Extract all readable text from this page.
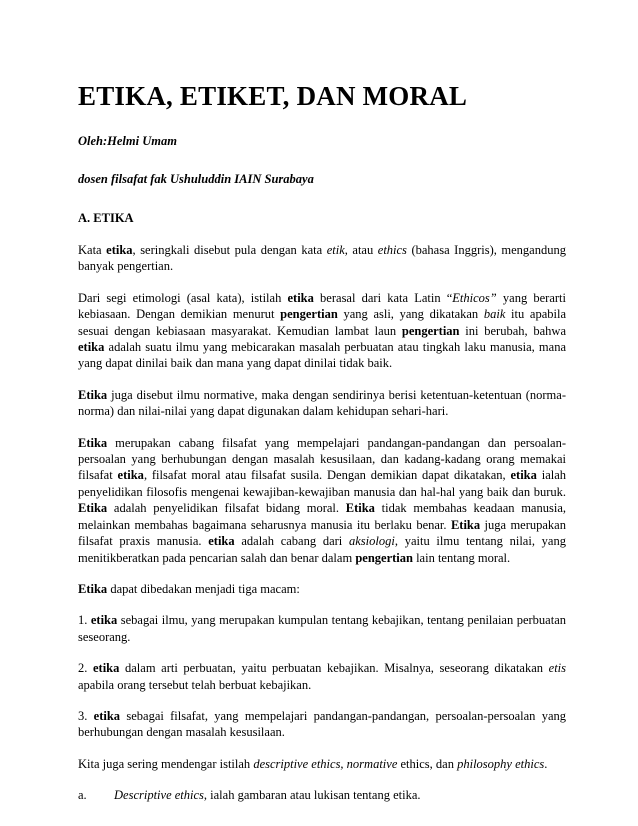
ETIKA, ETIKET, DAN MORAL
Oleh:Helmi Umam
dosen filsafat fak Ushuluddin IAIN Surabaya
A. ETIKA

Kata etika, seringkali disebut pula dengan kata etik, atau ethics (bahasa Inggris), mengandung banyak pengertian.

Dari segi etimologi (asal kata), istilah etika berasal dari kata Latin “Ethicos” yang berarti kebiasaan. Dengan demikian menurut pengertian yang asli, yang dikatakan baik itu apabila sesuai dengan kebiasaan masyarakat. Kemudian lambat laun pengertian ini berubah, bahwa etika adalah suatu ilmu yang mebicarakan masalah perbuatan atau tingkah laku manusia, mana yang dapat dinilai baik dan mana yang dapat dinilai tidak baik.

Etika juga disebut ilmu normative, maka dengan sendirinya berisi ketentuan-ketentuan (norma-norma) dan nilai-nilai yang dapat digunakan dalam kehidupan sehari-hari.

Etika merupakan cabang filsafat yang mempelajari pandangan-pandangan dan persoalan-persoalan yang berhubungan dengan masalah kesusilaan, dan kadang-kadang orang memakai filsafat etika, filsafat moral atau filsafat susila. Dengan demikian dapat dikatakan, etika ialah penyelidikan filosofis mengenai kewajiban-kewajiban manusia dan hal-hal yang baik dan buruk. Etika adalah penyelidikan filsafat bidang moral. Etika tidak membahas keadaan manusia, melainkan membahas bagaimana seharusnya manusia itu berlaku benar. Etika juga merupakan filsafat praxis manusia. etika adalah cabang dari aksiologi, yaitu ilmu tentang nilai, yang menitikberatkan pada pencarian salah dan benar dalam pengertian lain tentang moral.

Etika dapat dibedakan menjadi tiga macam:

1. etika sebagai ilmu, yang merupakan kumpulan tentang kebajikan, tentang penilaian perbuatan seseorang.

2. etika dalam arti perbuatan, yaitu perbuatan kebajikan. Misalnya, seseorang dikatakan etis apabila orang tersebut telah berbuat kebajikan.

3. etika sebagai filsafat, yang mempelajari pandangan-pandangan, persoalan-persoalan yang berhubungan dengan masalah kesusilaan.

Kita juga sering mendengar istilah descriptive ethics, normative ethics, dan philosophy ethics.

a. Descriptive ethics, ialah gambaran atau lukisan tentang etika.
